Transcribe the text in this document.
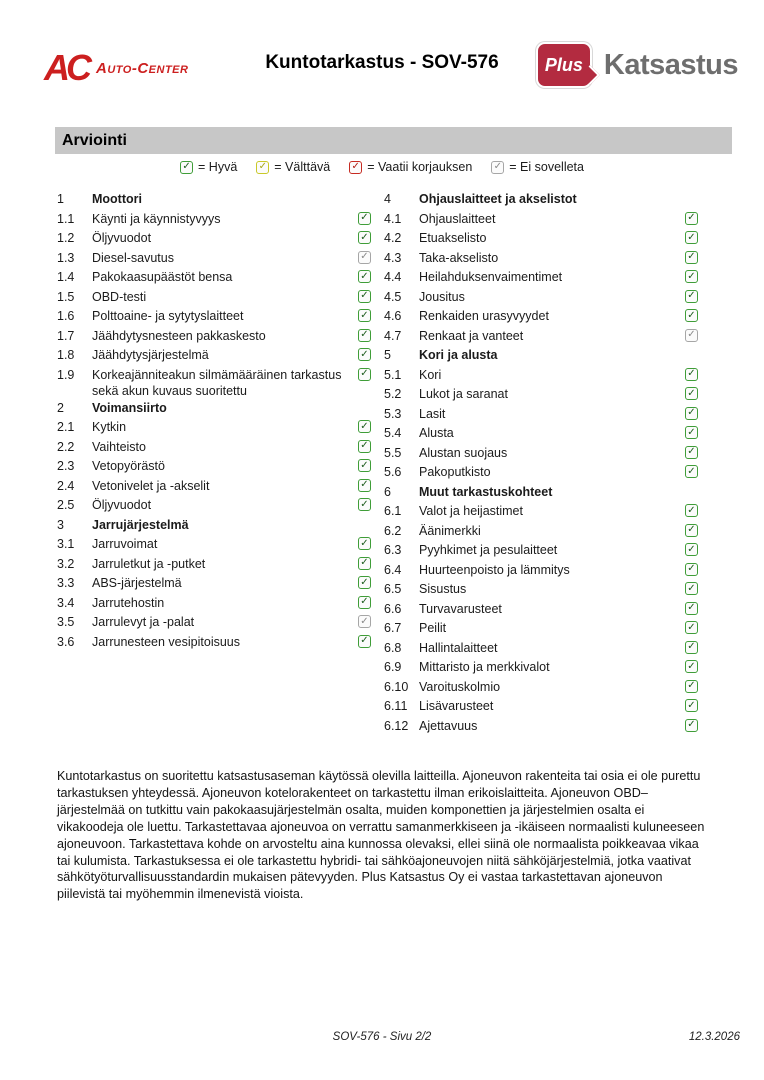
AC Auto-Center	Kuntotarkastus - SOV-576	Plus Katsastus
Arviointi
✓ = Hyvä ✓ = Välttävä ✓ = Vaatii korjauksen ✓ = Ei sovelleta
1	Moottori
1.1	Käynti ja käynnistyvyys	✓
1.2	Öljyvuodot	✓
1.3	Diesel-savutus	✓
1.4	Pakokaasupäästöt bensa	✓
1.5	OBD-testi	✓
1.6	Polttoaine- ja sytytyslaitteet	✓
1.7	Jäähdytysnesteen pakkaskesto	✓
1.8	Jäähdytysjärjestelmä	✓
1.9	Korkeajänniteakun silmämääräinen tarkastus sekä akun kuvaus suoritettu
✓
2	Voimansiirto
2.1	Kytkin	✓
2.2	Vaihteisto	✓
2.3	Vetopyörästö	✓
2.4	Vetonivelet ja -akselit	✓
2.5	Öljyvuodot	✓
3	Jarrujärjestelmä
3.1	Jarruvoimat	✓
3.2	Jarruletkut ja -putket	✓
3.3	ABS-järjestelmä	✓
3.4	Jarrutehostin	✓
3.5	Jarrulevyt ja -palat	✓
3.6	Jarrunesteen vesipitoisuus	✓
4	Ohjauslaitteet ja akselistot
4.1	Ohjauslaitteet	✓
4.2	Etuakselisto	✓
4.3	Taka-akselisto	✓
4.4	Heilahduksenvaimentimet	✓
4.5	Jousitus	✓
4.6	Renkaiden urasyvyydet	✓
4.7	Renkaat ja vanteet	✓
5	Kori ja alusta
5.1	Kori	✓
5.2	Lukot ja saranat	✓
5.3	Lasit	✓
5.4	Alusta	✓
5.5	Alustan suojaus	✓
5.6	Pakoputkisto	✓
6	Muut tarkastuskohteet
6.1	Valot ja heijastimet	✓
6.2	Äänimerkki	✓
6.3	Pyyhkimet ja pesulaitteet	✓
6.4	Huurteenpoisto ja lämmitys	✓
6.5	Sisustus	✓
6.6	Turvavarusteet	✓
6.7	Peilit	✓
6.8	Hallintalaitteet	✓
6.9	Mittaristo ja merkkivalot	✓
6.10 Varoituskolmio	✓
6.11 Lisävarusteet	✓
6.12 Ajettavuus	✓

Kuntotarkastus on suoritettu katsastusaseman käytössä olevilla laitteilla. Ajoneuvon rakenteita tai osia ei ole purettu tarkastuksen yhteydessä. Ajoneuvon kotelorakenteet on tarkastettu ilman erikoislaitteita. Ajoneuvon OBD–järjestelmää on tutkittu vain pakokaasujärjestelmän osalta, muiden komponettien ja järjestelmien osalta ei vikakoodeja ole luettu. Tarkastettavaa ajoneuvoa on verrattu samanmerkkiseen ja -ikäiseen normaalisti kuluneeseen ajoneuvoon. Tarkastettava kohde on arvosteltu aina kunnossa olevaksi, ellei siinä ole normaalista poikkeavaa vikaa tai kulumista. Tarkastuksessa ei ole tarkastettu hybridi- tai sähköajoneuvojen niitä sähköjärjestelmiä, jotka vaativat sähkötyöturvallisuusstandardin mukaisen pätevyyden. Plus Katsastus Oy ei vastaa tarkastettavan ajoneuvon piilevistä tai myöhemmin ilmenevistä vioista.

SOV-576 - Sivu 2/2	12.3.2026
